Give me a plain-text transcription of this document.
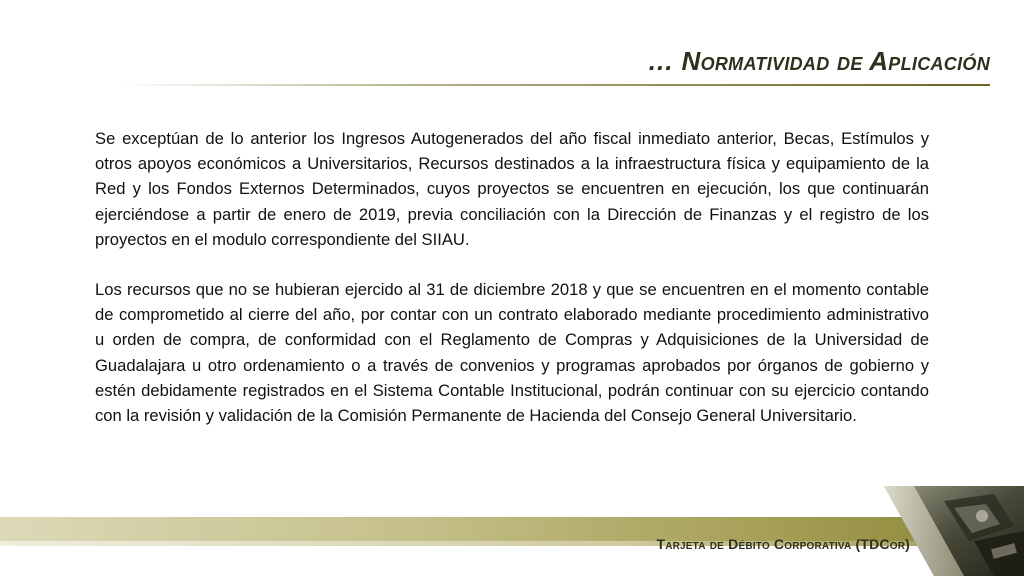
… Normatividad de Aplicación

Se exceptúan de lo anterior los Ingresos Autogenerados del año fiscal inmediato anterior, Becas, Estímulos y otros apoyos económicos a Universitarios, Recursos destinados a la infraestructura física y equipamiento de la Red y los Fondos Externos Determinados, cuyos proyectos se encuentren en ejecución, los que continuarán ejerciéndose a partir de enero de 2019, previa conciliación con la Dirección de Finanzas y el registro de los proyectos en el modulo correspondiente del SIIAU.

Los recursos que no se hubieran ejercido al 31 de diciembre 2018 y que se encuentren en el momento contable de comprometido al cierre del año, por contar con un contrato elaborado mediante procedimiento administrativo u orden de compra, de conformidad con el Reglamento de Compras y Adquisiciones de la Universidad de Guadalajara u otro ordenamiento o a través de convenios y programas aprobados por órganos de gobierno y estén debidamente registrados en el Sistema Contable Institucional, podrán continuar con su ejercicio contando con la revisión y validación de la Comisión Permanente de Hacienda del Consejo General Universitario.

Tarjeta de Débito Corporativa (TDCor)
